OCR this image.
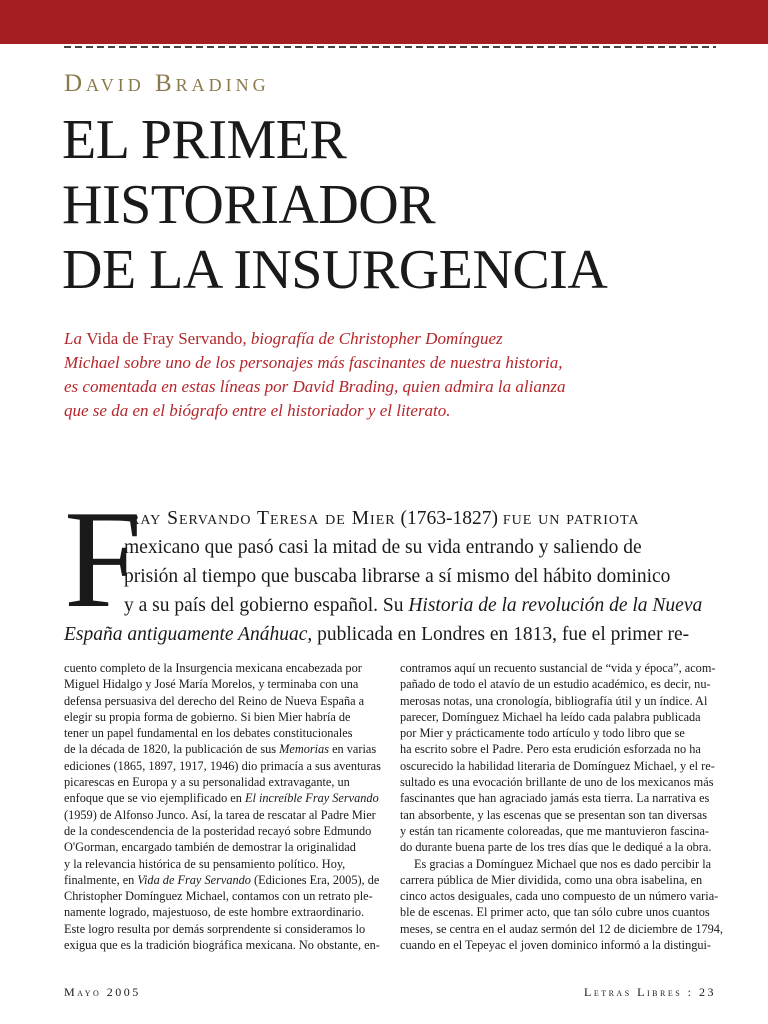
David Brading
EL PRIMER
HISTORIADOR
DE LA INSURGENCIA
La Vida de Fray Servando, biografía de Christopher Domínguez
Michael sobre uno de los personajes más fascinantes de nuestra historia,
es comentada en estas líneas por David Brading, quien admira la alianza
que se da en el biógrafo entre el historiador y el literato.
F
ray Servando Teresa de Mier (1763-1827) fue un patriota
mexicano que pasó casi la mitad de su vida entrando y saliendo de
prisión al tiempo que buscaba librarse a sí mismo del hábito dominico
y a su país del gobierno español. Su Historia de la revolución de la Nueva
España antiguamente Anáhuac, publicada en Londres en 1813, fue el primer re-
cuento completo de la Insurgencia mexicana encabezada por
Miguel Hidalgo y José María Morelos, y terminaba con una
defensa persuasiva del derecho del Reino de Nueva España a
elegir su propia forma de gobierno. Si bien Mier habría de
tener un papel fundamental en los debates constitucionales
de la década de 1820, la publicación de sus Memorias en varias
ediciones (1865, 1897, 1917, 1946) dio primacía a sus aventuras
picarescas en Europa y a su personalidad extravagante, un
enfoque que se vio ejemplificado en El increíble Fray Servando
(1959) de Alfonso Junco. Así, la tarea de rescatar al Padre Mier
de la condescendencia de la posteridad recayó sobre Edmundo
O'Gorman, encargado también de demostrar la originalidad
y la relevancia histórica de su pensamiento político. Hoy,
finalmente, en Vida de Fray Servando (Ediciones Era, 2005), de
Christopher Domínguez Michael, contamos con un retrato ple-
namente logrado, majestuoso, de este hombre extraordinario.
Este logro resulta por demás sorprendente si consideramos lo
exigua que es la tradición biográfica mexicana. No obstante, en-
contramos aquí un recuento sustancial de “vida y época”, acom-
pañado de todo el atavío de un estudio académico, es decir, nu-
merosas notas, una cronología, bibliografía útil y un índice. Al
parecer, Domínguez Michael ha leído cada palabra publicada
por Mier y prácticamente todo artículo y todo libro que se
ha escrito sobre el Padre. Pero esta erudición esforzada no ha
oscurecido la habilidad literaria de Domínguez Michael, y el re-
sultado es una evocación brillante de uno de los mexicanos más
fascinantes que han agraciado jamás esta tierra. La narrativa es
tan absorbente, y las escenas que se presentan son tan diversas
y están tan ricamente coloreadas, que me mantuvieron fascina-
do durante buena parte de los tres días que le dediqué a la obra.
Es gracias a Domínguez Michael que nos es dado percibir la
carrera pública de Mier dividida, como una obra isabelina, en
cinco actos desiguales, cada uno compuesto de un número varia-
ble de escenas. El primer acto, que tan sólo cubre unos cuantos
meses, se centra en el audaz sermón del 12 de diciembre de 1794,
cuando en el Tepeyac el joven dominico informó a la distingui-
Mayo 2005	Letras Libres : 23
